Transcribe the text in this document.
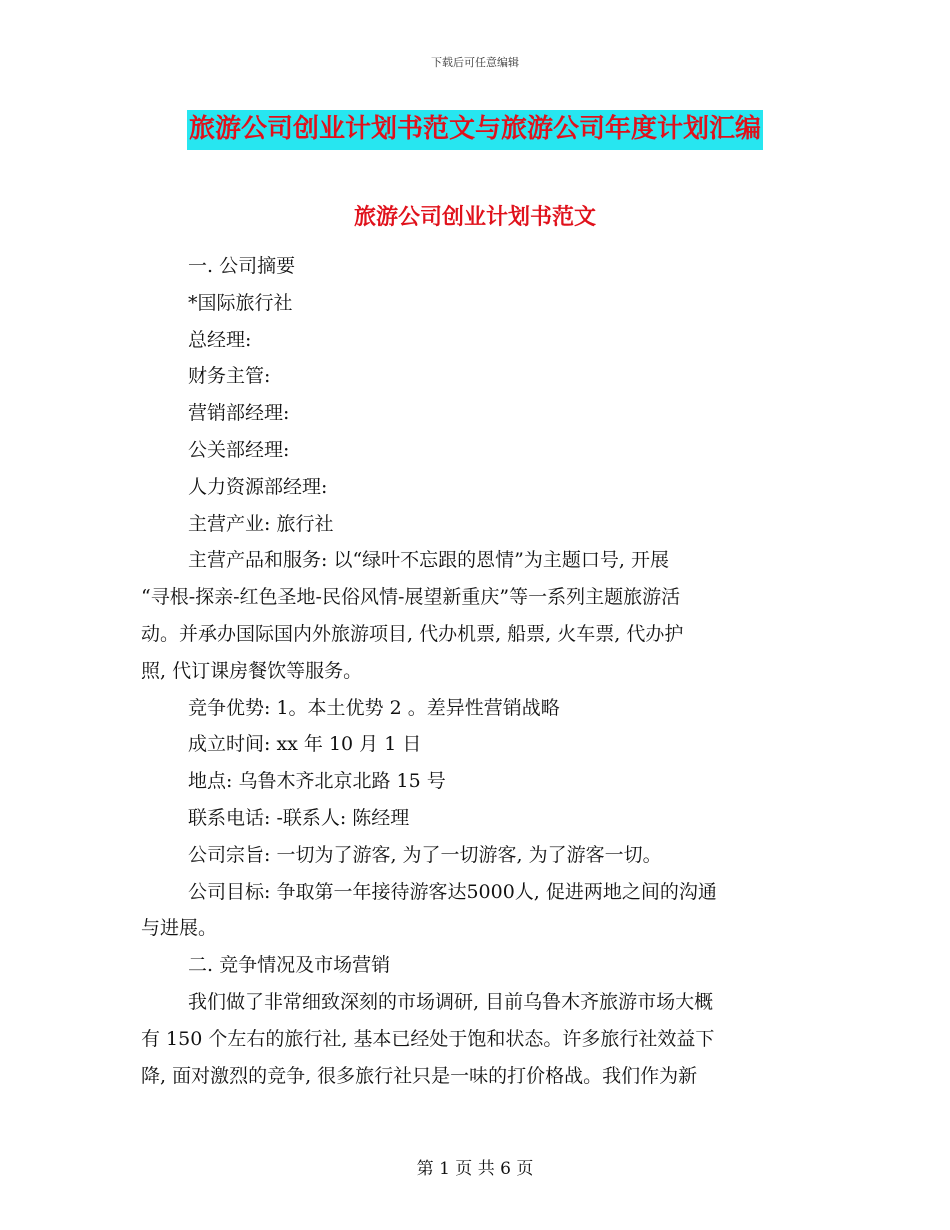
下载后可任意编辑
旅游公司创业计划书范文与旅游公司年度计划汇编
旅游公司创业计划书范文
一. 公司摘要
*国际旅行社
总经理:
财务主管:
营销部经理:
公关部经理:
人力资源部经理:
主营产业: 旅行社
主营产品和服务: 以“绿叶不忘跟的恩情”为主题口号, 开展
“寻根-探亲-红色圣地-民俗风情-展望新重庆”等一系列主题旅游活
动。并承办国际国内外旅游项目, 代办机票, 船票, 火车票, 代办护
照, 代订课房餐饮等服务。
竞争优势: 1。本土优势 2 。差异性营销战略
成立时间: xx 年 10 月 1 日
地点: 乌鲁木齐北京北路 15 号
联系电话: -联系人: 陈经理
公司宗旨: 一切为了游客, 为了一切游客, 为了游客一切。
公司目标: 争取第一年接待游客达5000人, 促进两地之间的沟通
与进展。
二. 竞争情况及市场营销
我们做了非常细致深刻的市场调研, 目前乌鲁木齐旅游市场大概
有 150 个左右的旅行社, 基本已经处于饱和状态。许多旅行社效益下
降, 面对激烈的竞争, 很多旅行社只是一味的打价格战。我们作为新
第 1 页 共 6 页
